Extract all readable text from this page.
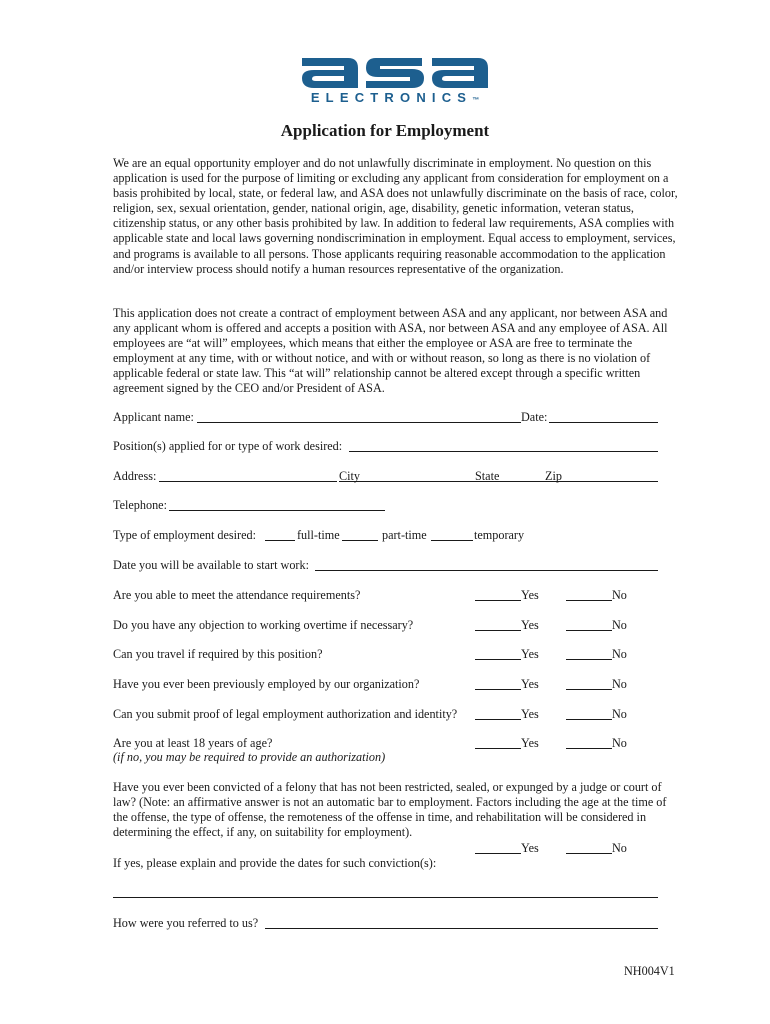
ELECTRONICS™
Application for Employment

We are an equal opportunity employer and do not unlawfully discriminate in employment. No question on this application is used for the purpose of limiting or excluding any applicant from consideration for employment on a basis prohibited by local, state, or federal law, and ASA does not unlawfully discriminate on the basis of race, color, religion, sex, sexual orientation, gender, national origin, age, disability, genetic information, veteran status, citizenship status, or any other basis prohibited by law. In addition to federal law requirements, ASA complies with applicable state and local laws governing nondiscrimination in employment. Equal access to employment, services, and programs is available to all persons. Those applicants requiring reasonable accommodation to the application and/or interview process should notify a human resources representative of the organization.

This application does not create a contract of employment between ASA and any applicant, nor between ASA and any applicant whom is offered and accepts a position with ASA, nor between ASA and any employee of ASA. All employees are “at will” employees, which means that either the employee or ASA are free to terminate the employment at any time, with or without notice, and with or without reason, so long as there is no violation of applicable federal or state law. This “at will” relationship cannot be altered except through a specific written agreement signed by the CEO and/or President of ASA.

Applicant name:	Date:
Position(s) applied for or type of work desired:
Address:	City	State	Zip
Telephone:
Type of employment desired:	full-time	part-time	temporary
Date you will be available to start work:
Are you able to meet the attendance requirements?	Yes	No
Do you have any objection to working overtime if necessary?	Yes	No
Can you travel if required by this position?	Yes	No
Have you ever been previously employed by our organization?	Yes	No
Can you submit proof of legal employment authorization and identity?	Yes	No
Are you at least 18 years of age?	Yes	No
(if no, you may be required to provide an authorization)

Have you ever been convicted of a felony that has not been restricted, sealed, or expunged by a judge or court of law? (Note: an affirmative answer is not an automatic bar to employment. Factors including the age at the time of the offense, the type of offense, the remoteness of the offense in time, and rehabilitation will be considered in determining the effect, if any, on suitability for employment).

Yes	No
If yes, please explain and provide the dates for such conviction(s):
How were you referred to us?
NH004V1
